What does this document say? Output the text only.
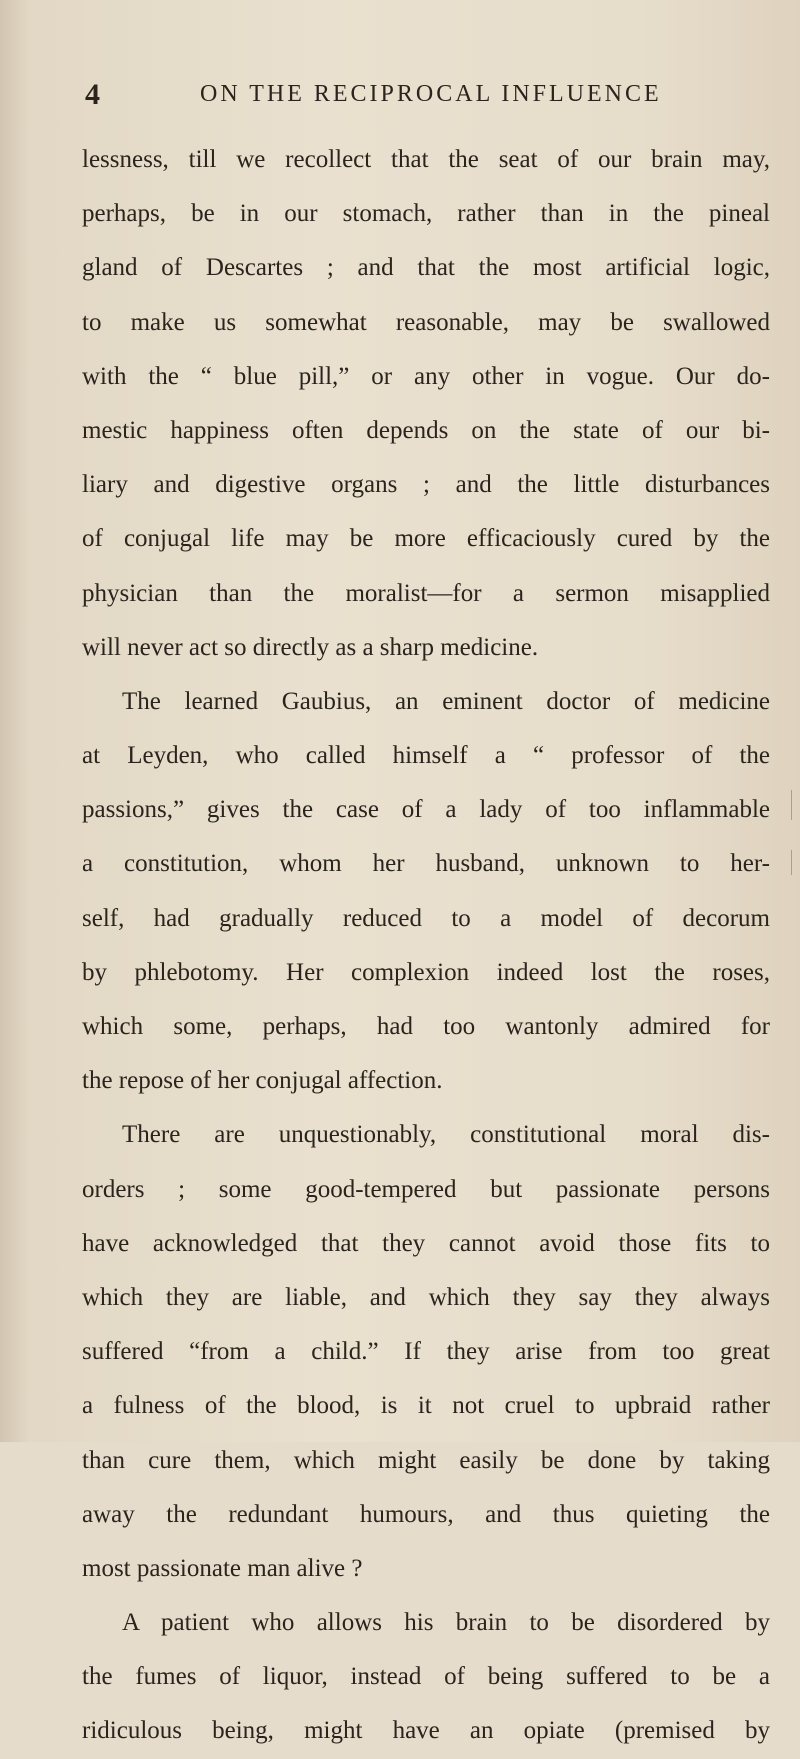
4	ON THE RECIPROCAL INFLUENCE
lessness, till we recollect that the seat of our brain may,
perhaps, be in our stomach, rather than in the pineal
gland of Descartes ; and that the most artificial logic,
to make us somewhat reasonable, may be swallowed
with the “ blue pill,” or any other in vogue. Our do-
mestic happiness often depends on the state of our bi-
liary and digestive organs ; and the little disturbances
of conjugal life may be more efficaciously cured by the
physician than the moralist—for a sermon misapplied
will never act so directly as a sharp medicine.
The learned Gaubius, an eminent doctor of medicine
at Leyden, who called himself a “ professor of the
passions,” gives the case of a lady of too inflammable
a constitution, whom her husband, unknown to her-
self, had gradually reduced to a model of decorum
by phlebotomy. Her complexion indeed lost the roses,
which some, perhaps, had too wantonly admired for
the repose of her conjugal affection.
There are unquestionably, constitutional moral dis-
orders ; some good-tempered but passionate persons
have acknowledged that they cannot avoid those fits to
which they are liable, and which they say they always
suffered “from a child.” If they arise from too great
a fulness of the blood, is it not cruel to upbraid rather
than cure them, which might easily be done by taking
away the redundant humours, and thus quieting the
most passionate man alive ?
A patient who allows his brain to be disordered by
the fumes of liquor, instead of being suffered to be a
ridiculous being, might have an opiate (premised by
